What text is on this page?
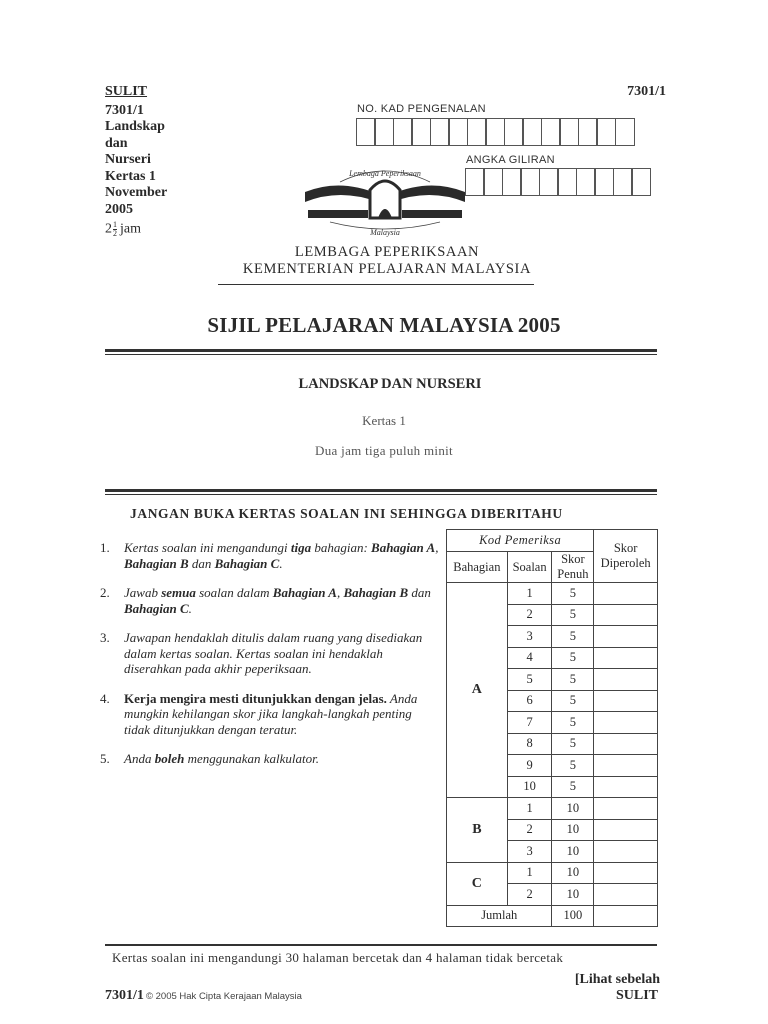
SULIT
7301/1
Landskap
dan
Nurseri
Kertas 1
November
2005
$2 \frac{1}{2}$ jam
7301/1
NO. KAD PENGENALAN
ANGKA GILIRAN
Lembaga Peperiksaan
Malaysia
LEMBAGA PEPERIKSAAN
KEMENTERIAN PELAJARAN MALAYSIA
SIJIL PELAJARAN MALAYSIA 2005
LANDSKAP DAN NURSERI
Kertas 1
Dua jam tiga puluh minit
JANGAN BUKA KERTAS SOALAN INI SEHINGGA DIBERITAHU
1. Kertas soalan ini mengandungi tiga bahagian: Bahagian A, Bahagian B dan Bahagian C.
2. Jawab semua soalan dalam Bahagian A, Bahagian B dan Bahagian C.
3. Jawapan hendaklah ditulis dalam ruang yang disediakan dalam kertas soalan. Kertas soalan ini hendaklah diserahkan pada akhir peperiksaan.
4. Kerja mengira mesti ditunjukkan dengan jelas. Anda mungkin kehilangan skor jika langkah-langkah penting tidak ditunjukkan dengan teratur.
5. Anda boleh menggunakan kalkulator.
Kod Pemeriksa			Skor
Diperoleh

Bahagian	Soalan	Skor
Penuh	

A	1	5	
	2	5	
	3	5	
	4	5	
	5	5	
	6	5	
	7	5	
	8	5	
	9	5	
	10	5	
B	1	10	
	2	10	
	3	10	
C	1	10	
	2	10	
Jumlah		100	
Kertas soalan ini mengandungi 30 halaman bercetak dan 4 halaman tidak bercetak
[Lihat sebelah
7301/1 © 2005 Hak Cipta Kerajaan Malaysia	SULIT
